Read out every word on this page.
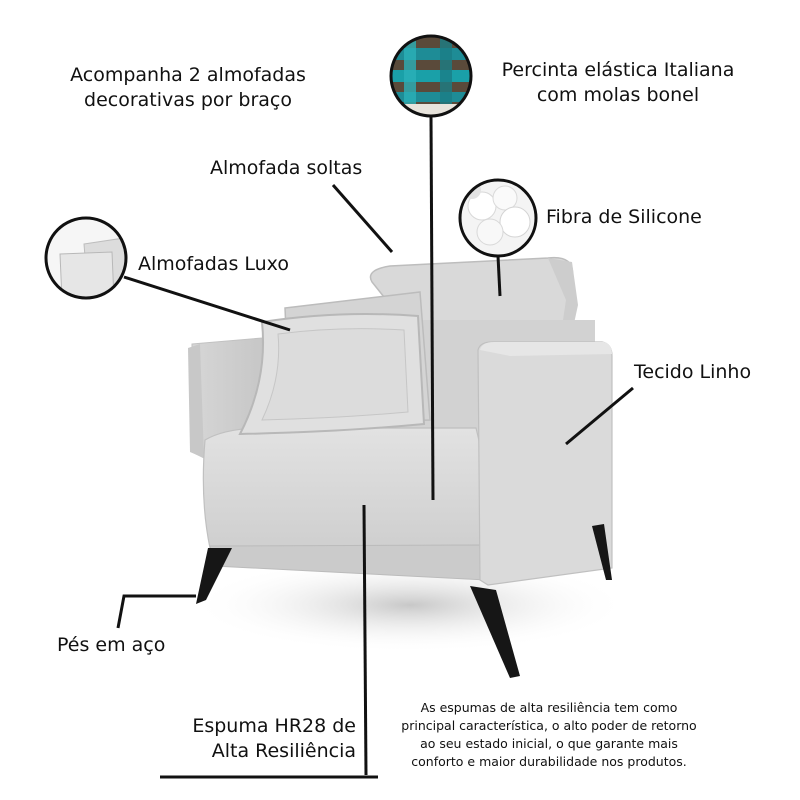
Acompanha 2 almofadas
decorativas por braço
Percinta elástica Italiana
com molas bonel
Almofada soltas
Fibra de Silicone
Almofadas Luxo
Tecido Linho
Pés em aço
Espuma HR28 de
Alta Resiliência
As espumas de alta resiliência tem como
principal característica, o alto poder de retorno
ao seu estado inicial, o que garante mais
conforto e maior durabilidade nos produtos.
